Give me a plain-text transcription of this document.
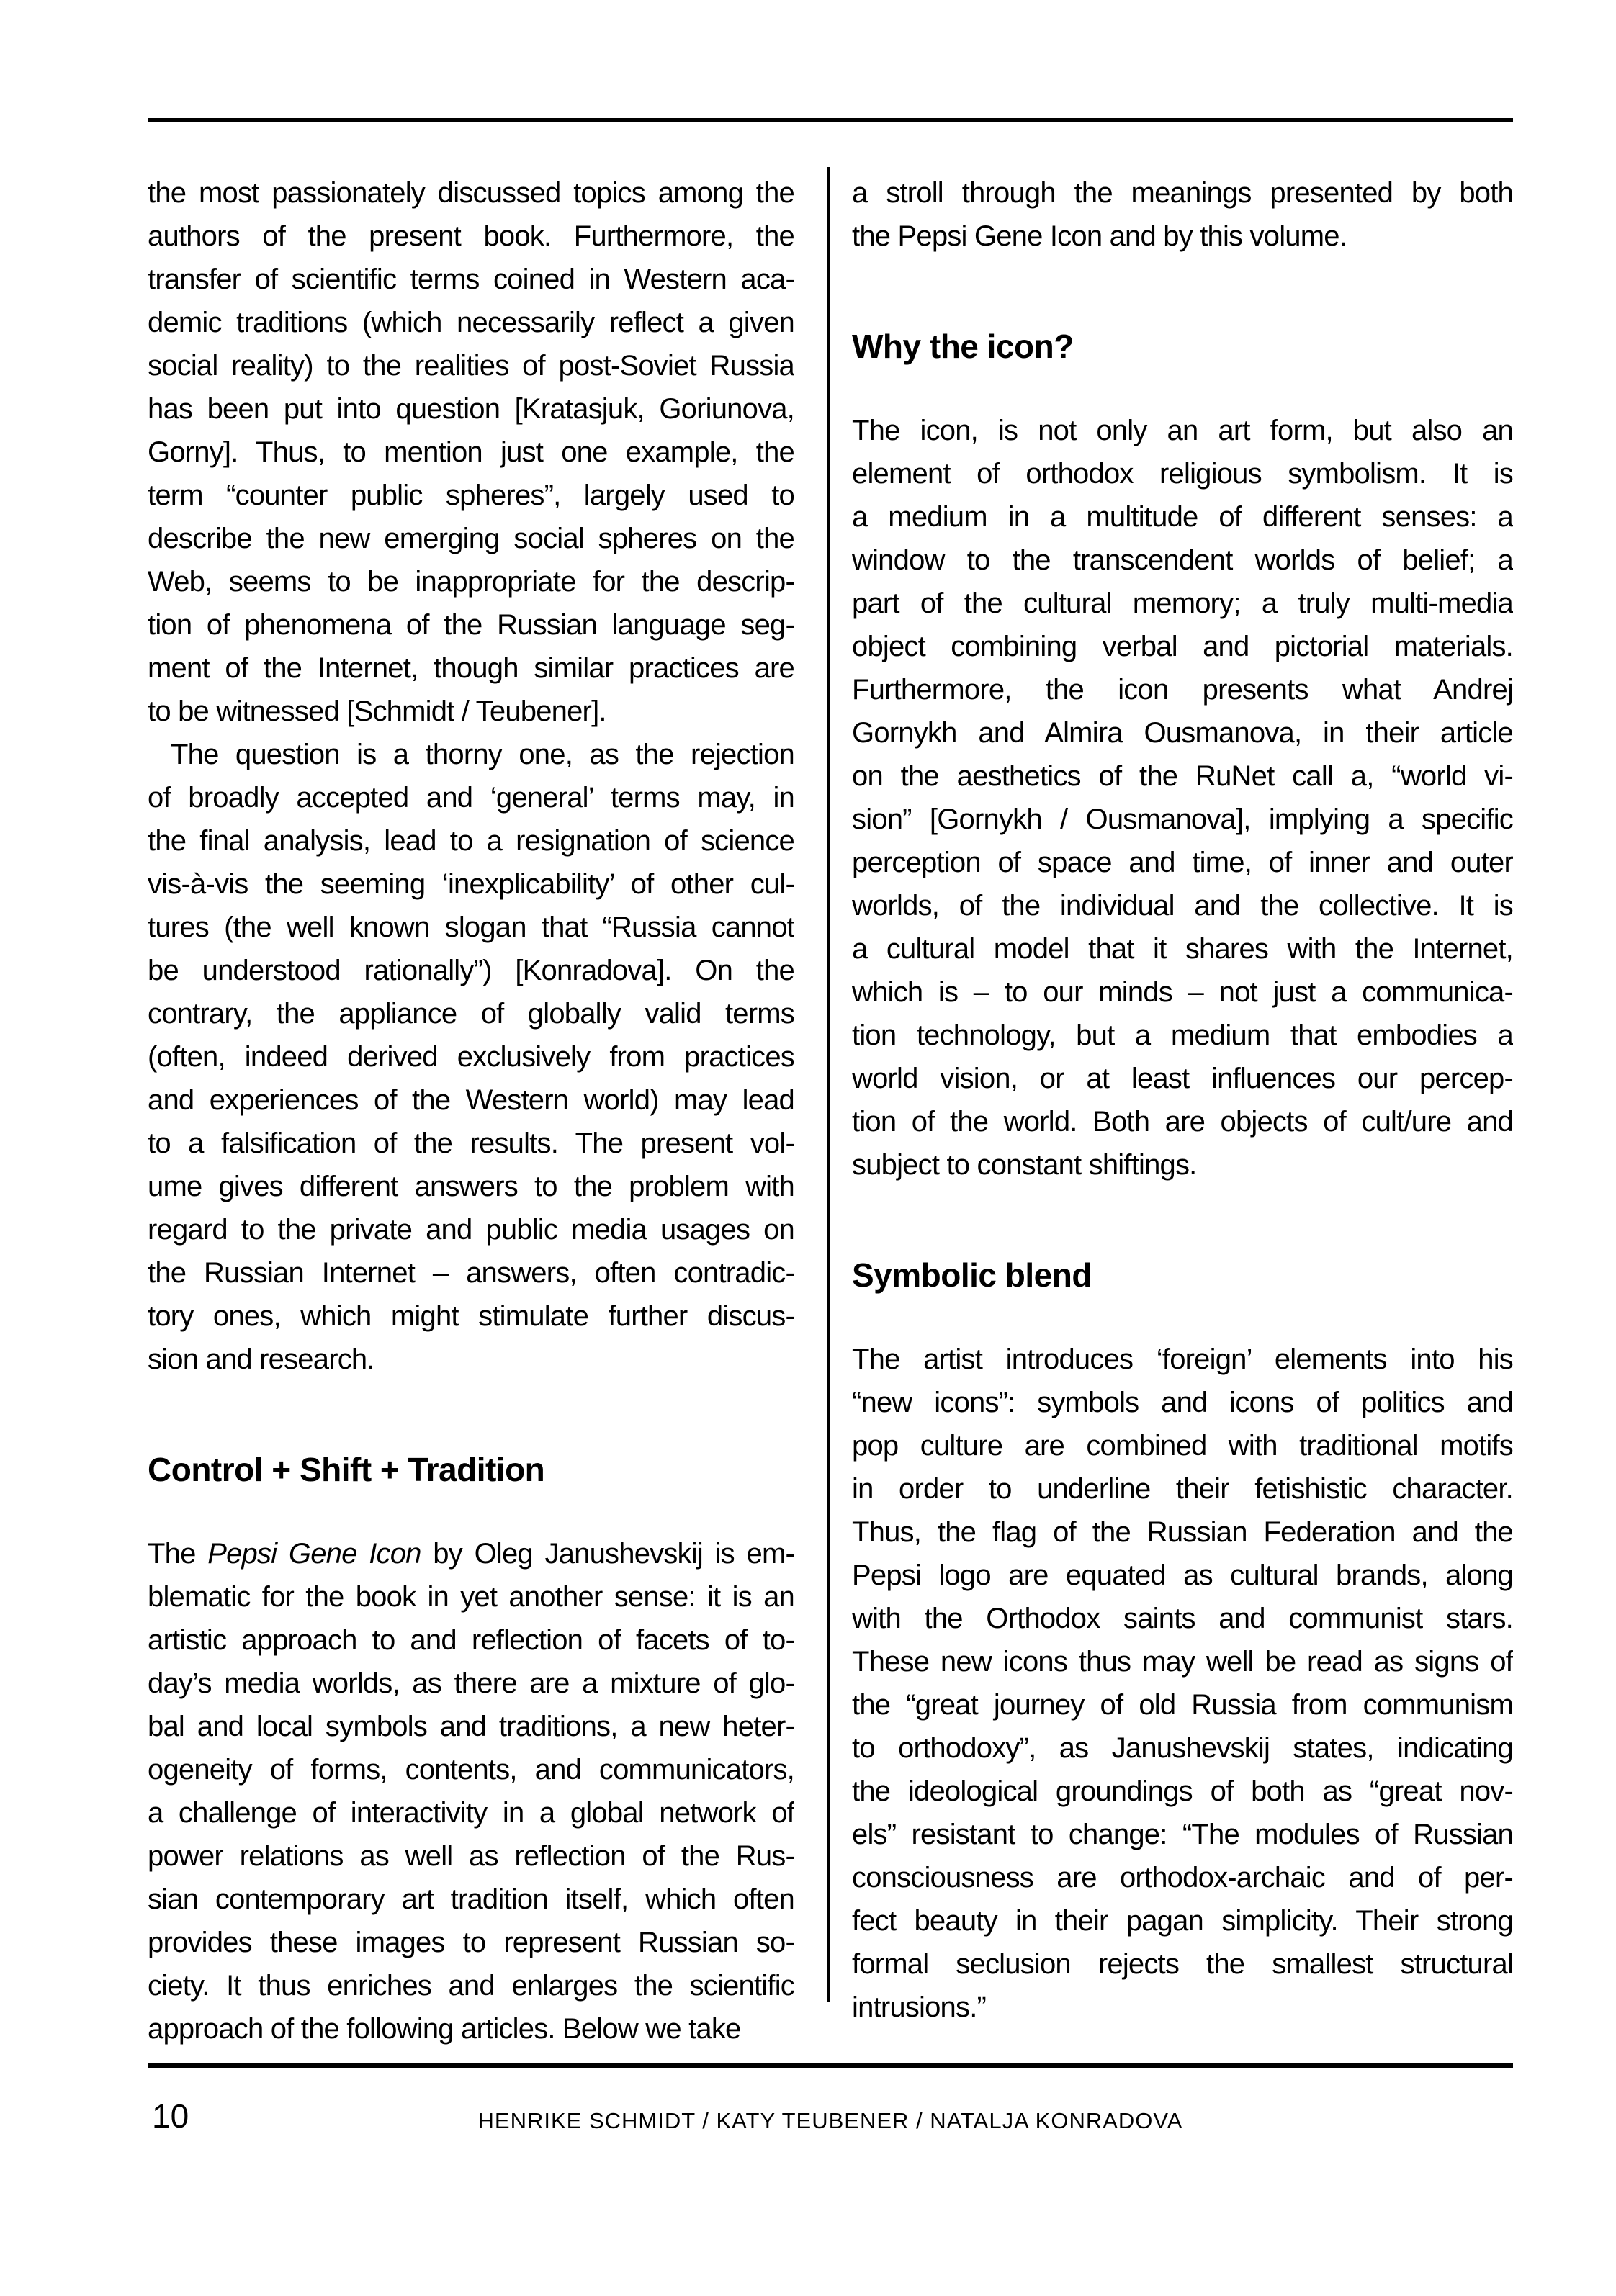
the most passionately discussed topics among the
authors of the present book. Furthermore, the
transfer of scientific terms coined in Western aca-
demic traditions (which necessarily reflect a given
social reality) to the realities of post-Soviet Russia
has been put into question [Kratasjuk, Goriunova,
Gorny]. Thus, to mention just one example, the
term “counter public spheres”, largely used to
describe the new emerging social spheres on the
Web, seems to be inappropriate for the descrip-
tion of phenomena of the Russian language seg-
ment of the Internet, though similar practices are
to be witnessed [Schmidt / Teubener].
The question is a thorny one, as the rejection
of broadly accepted and ‘general’ terms may, in
the final analysis, lead to a resignation of science
vis-à-vis the seeming ‘inexplicability’ of other cul-
tures (the well known slogan that “Russia cannot
be understood rationally”) [Konradova]. On the
contrary, the appliance of globally valid terms
(often, indeed derived exclusively from practices
and experiences of the Western world) may lead
to a falsification of the results. The present vol-
ume gives different answers to the problem with
regard to the private and public media usages on
the Russian Internet – answers, often contradic-
tory ones, which might stimulate further discus-
sion and research.
Control + Shift + Tradition
The Pepsi Gene Icon by Oleg Janushevskij is em-
blematic for the book in yet another sense: it is an
artistic approach to and reflection of facets of to-
day’s media worlds, as there are a mixture of glo-
bal and local symbols and traditions, a new heter-
ogeneity of forms, contents, and communicators,
a challenge of interactivity in a global network of
power relations as well as reflection of the Rus-
sian contemporary art tradition itself, which often
provides these images to represent Russian so-
ciety. It thus enriches and enlarges the scientific
approach of the following articles. Below we take
a stroll through the meanings presented by both
the Pepsi Gene Icon and by this volume.
Why the icon?
The icon, is not only an art form, but also an
element of orthodox religious symbolism. It is
a medium in a multitude of different senses: a
window to the transcendent worlds of belief; a
part of the cultural memory; a truly multi-media
object combining verbal and pictorial materials.
Furthermore, the icon presents what Andrej
Gornykh and Almira Ousmanova, in their article
on the aesthetics of the RuNet call a, “world vi-
sion” [Gornykh / Ousmanova], implying a specific
perception of space and time, of inner and outer
worlds, of the individual and the collective. It is
a cultural model that it shares with the Internet,
which is – to our minds – not just a communica-
tion technology, but a medium that embodies a
world vision, or at least influences our percep-
tion of the world. Both are objects of cult/ure and
subject to constant shiftings.
Symbolic blend
The artist introduces ‘foreign’ elements into his
“new icons”: symbols and icons of politics and
pop culture are combined with traditional motifs
in order to underline their fetishistic character.
Thus, the flag of the Russian Federation and the
Pepsi logo are equated as cultural brands, along
with the Orthodox saints and communist stars.
These new icons thus may well be read as signs of
the “great journey of old Russia from communism
to orthodoxy”, as Janushevskij states, indicating
the ideological groundings of both as “great nov-
els” resistant to change: “The modules of Russian
consciousness are orthodox-archaic and of per-
fect beauty in their pagan simplicity. Their strong
formal seclusion rejects the smallest structural
intrusions.”
10	HENRIKE SCHMIDT / KATY TEUBENER / NATALJA KONRADOVA
